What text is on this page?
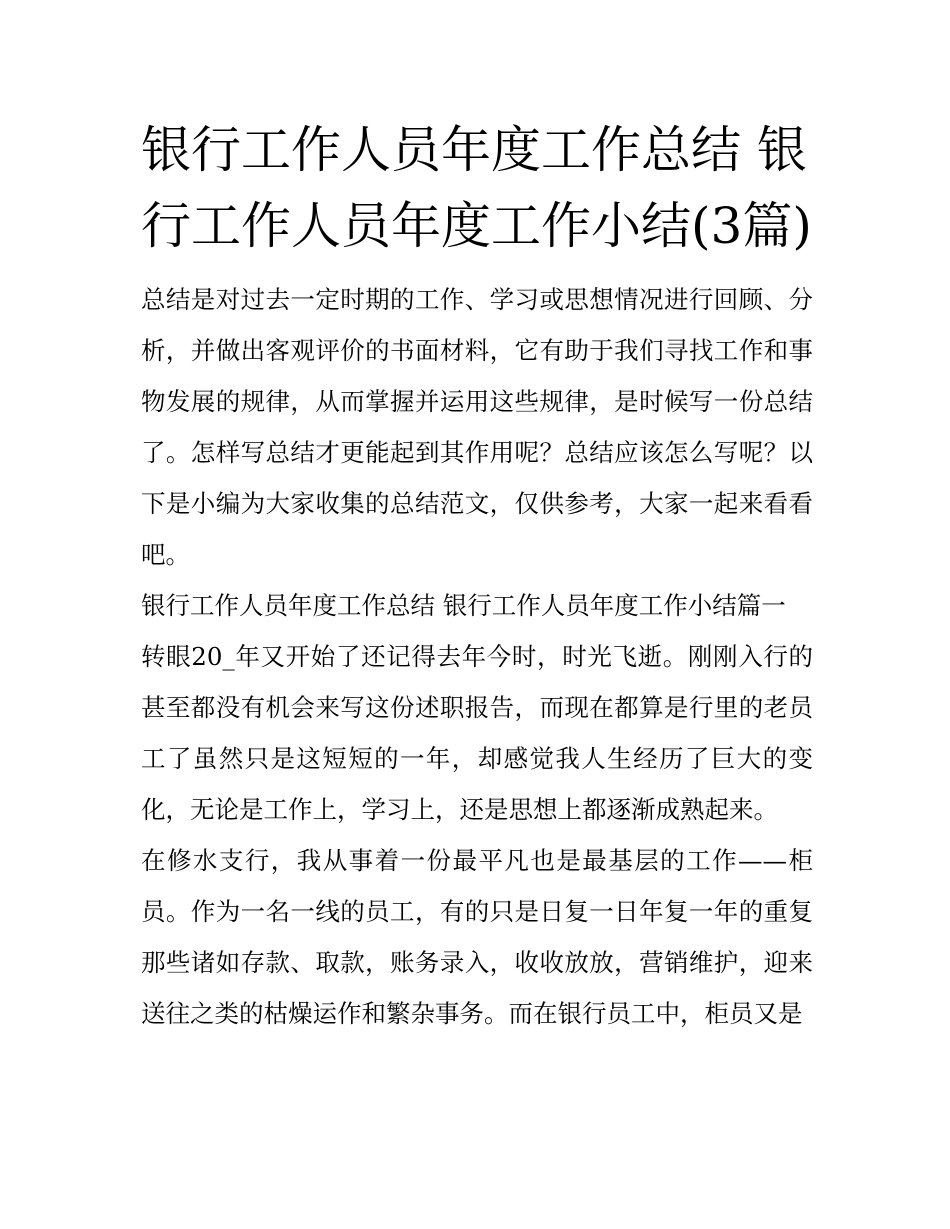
银行工作人员年度工作总结 银行工作人员年度工作小结(3篇)

总结是对过去一定时期的工作、学习或思想情况进行回顾、分析，并做出客观评价的书面材料，它有助于我们寻找工作和事物发展的规律，从而掌握并运用这些规律，是时候写一份总结了。怎样写总结才更能起到其作用呢？总结应该怎么写呢？以下是小编为大家收集的总结范文，仅供参考，大家一起来看看吧。

银行工作人员年度工作总结 银行工作人员年度工作小结篇一

转眼20_年又开始了还记得去年今时，时光飞逝。刚刚入行的甚至都没有机会来写这份述职报告，而现在都算是行里的老员工了虽然只是这短短的一年，却感觉我人生经历了巨大的变化，无论是工作上，学习上，还是思想上都逐渐成熟起来。

在修水支行，我从事着一份最平凡也是最基层的工作——柜员。作为一名一线的员工，有的只是日复一日年复一年的重复那些诸如存款、取款，账务录入，收收放放，营销维护，迎来送往之类的枯燥运作和繁杂事务。而在银行员工中，柜员又是
